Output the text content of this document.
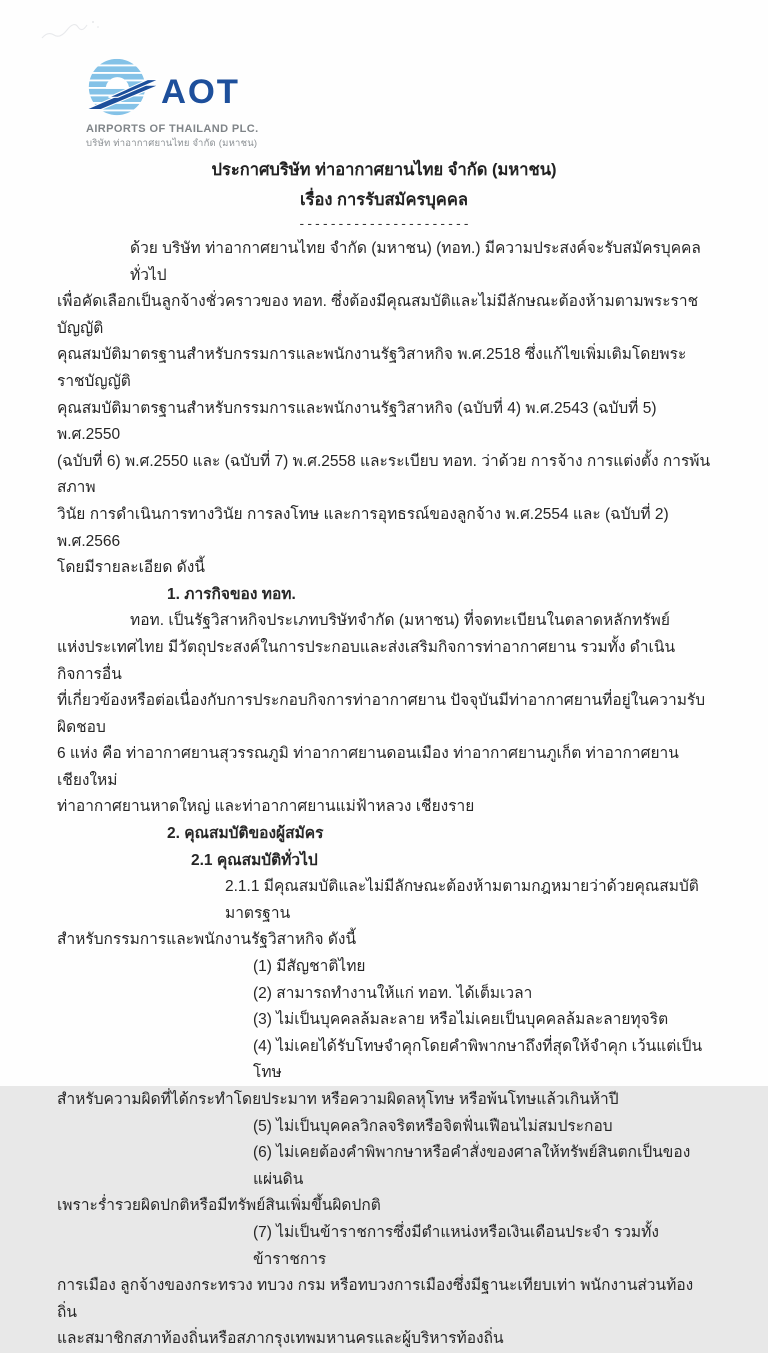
AOT
AIRPORTS OF THAILAND PLC.
บริษัท ท่าอากาศยานไทย จำกัด (มหาชน)
ประกาศบริษัท ท่าอากาศยานไทย จำกัด (มหาชน)
เรื่อง การรับสมัครบุคคล
----------------------
ด้วย บริษัท ท่าอากาศยานไทย จำกัด (มหาชน) (ทอท.) มีความประสงค์จะรับสมัครบุคคลทั่วไป
เพื่อคัดเลือกเป็นลูกจ้างชั่วคราวของ ทอท. ซึ่งต้องมีคุณสมบัติและไม่มีลักษณะต้องห้ามตามพระราชบัญญัติ
คุณสมบัติมาตรฐานสำหรับกรรมการและพนักงานรัฐวิสาหกิจ พ.ศ.2518 ซึ่งแก้ไขเพิ่มเติมโดยพระราชบัญญัติ
คุณสมบัติมาตรฐานสำหรับกรรมการและพนักงานรัฐวิสาหกิจ (ฉบับที่ 4) พ.ศ.2543 (ฉบับที่ 5) พ.ศ.2550
(ฉบับที่ 6) พ.ศ.2550 และ (ฉบับที่ 7) พ.ศ.2558 และระเบียบ ทอท. ว่าด้วย การจ้าง การแต่งตั้ง การพ้นสภาพ
วินัย การดำเนินการทางวินัย การลงโทษ และการอุทธรณ์ของลูกจ้าง พ.ศ.2554 และ (ฉบับที่ 2) พ.ศ.2566
โดยมีรายละเอียด ดังนี้
1. ภารกิจของ ทอท.
ทอท. เป็นรัฐวิสาหกิจประเภทบริษัทจำกัด (มหาชน) ที่จดทะเบียนในตลาดหลักทรัพย์
แห่งประเทศไทย มีวัตถุประสงค์ในการประกอบและส่งเสริมกิจการท่าอากาศยาน รวมทั้ง ดำเนินกิจการอื่น
ที่เกี่ยวข้องหรือต่อเนื่องกับการประกอบกิจการท่าอากาศยาน ปัจจุบันมีท่าอากาศยานที่อยู่ในความรับผิดชอบ
6 แห่ง คือ ท่าอากาศยานสุวรรณภูมิ ท่าอากาศยานดอนเมือง ท่าอากาศยานภูเก็ต ท่าอากาศยานเชียงใหม่
ท่าอากาศยานหาดใหญ่ และท่าอากาศยานแม่ฟ้าหลวง เชียงราย
2. คุณสมบัติของผู้สมัคร
2.1 คุณสมบัติทั่วไป
2.1.1 มีคุณสมบัติและไม่มีลักษณะต้องห้ามตามกฎหมายว่าด้วยคุณสมบัติมาตรฐาน
สำหรับกรรมการและพนักงานรัฐวิสาหกิจ ดังนี้
(1) มีสัญชาติไทย
(2) สามารถทำงานให้แก่ ทอท. ได้เต็มเวลา
(3) ไม่เป็นบุคคลล้มละลาย หรือไม่เคยเป็นบุคคลล้มละลายทุจริต
(4) ไม่เคยได้รับโทษจำคุกโดยคำพิพากษาถึงที่สุดให้จำคุก เว้นแต่เป็นโทษ
สำหรับความผิดที่ได้กระทำโดยประมาท หรือความผิดลหุโทษ หรือพ้นโทษแล้วเกินห้าปี
(5) ไม่เป็นบุคคลวิกลจริตหรือจิตฟั่นเฟือนไม่สมประกอบ
(6) ไม่เคยต้องคำพิพากษาหรือคำสั่งของศาลให้ทรัพย์สินตกเป็นของแผ่นดิน
เพราะร่ำรวยผิดปกติหรือมีทรัพย์สินเพิ่มขึ้นผิดปกติ
(7) ไม่เป็นข้าราชการซึ่งมีตำแหน่งหรือเงินเดือนประจำ รวมทั้งข้าราชการ
การเมือง ลูกจ้างของกระทรวง ทบวง กรม หรือทบวงการเมืองซึ่งมีฐานะเทียบเท่า พนักงานส่วนท้องถิ่น
และสมาชิกสภาท้องถิ่นหรือสภากรุงเทพมหานครและผู้บริหารท้องถิ่น
